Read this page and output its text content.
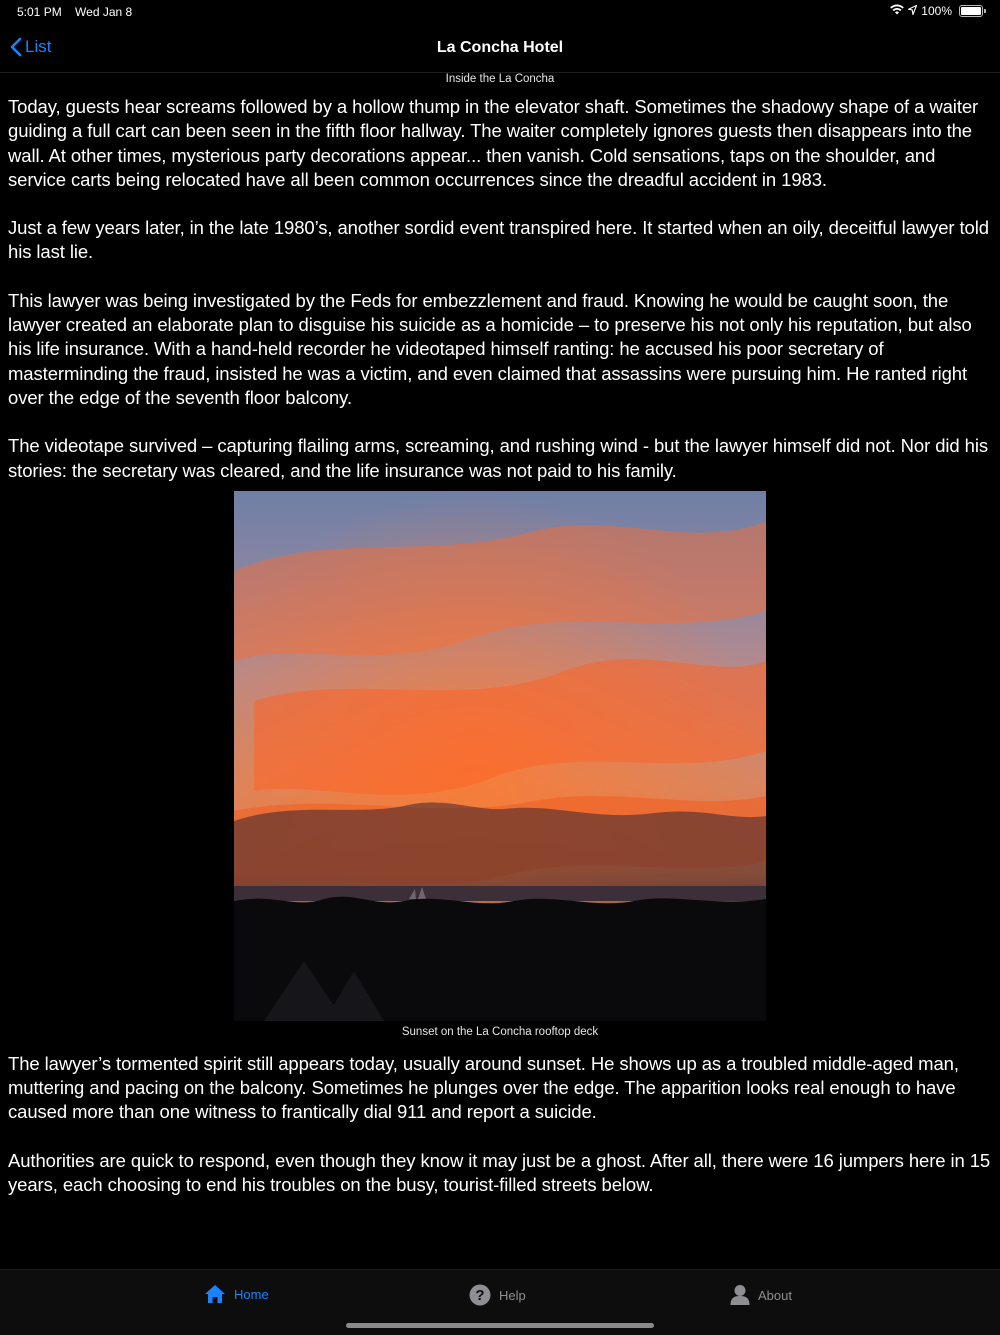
5:01 PM Wed Jan 8	100%
List	La Concha Hotel
Inside the La Concha

Today, guests hear screams followed by a hollow thump in the elevator shaft. Sometimes the shadowy shape of a waiter guiding a full cart can been seen in the fifth floor hallway. The waiter completely ignores guests then disappears into the wall. At other times, mysterious party decorations appear... then vanish. Cold sensations, taps on the shoulder, and service carts being relocated have all been common occurrences since the dreadful accident in 1983.

Just a few years later, in the late 1980’s, another sordid event transpired here. It started when an oily, deceitful lawyer told his last lie.

This lawyer was being investigated by the Feds for embezzlement and fraud. Knowing he would be caught soon, the lawyer created an elaborate plan to disguise his suicide as a homicide – to preserve his not only his reputation, but also his life insurance. With a hand-held recorder he videotaped himself ranting: he accused his poor secretary of masterminding the fraud, insisted he was a victim, and even claimed that assassins were pursuing him. He ranted right over the edge of the seventh floor balcony.

The videotape survived – capturing flailing arms, screaming, and rushing wind - but the lawyer himself did not. Nor did his stories: the secretary was cleared, and the life insurance was not paid to his family.

Sunset on the La Concha rooftop deck

The lawyer’s tormented spirit still appears today, usually around sunset. He shows up as a troubled middle-aged man, muttering and pacing on the balcony. Sometimes he plunges over the edge. The apparition looks real enough to have caused more than one witness to frantically dial 911 and report a suicide.

Authorities are quick to respond, even though they know it may just be a ghost. After all, there were 16 jumpers here in 15 years, each choosing to end his troubles on the busy, tourist-filled streets below.

Home	? Help	About
